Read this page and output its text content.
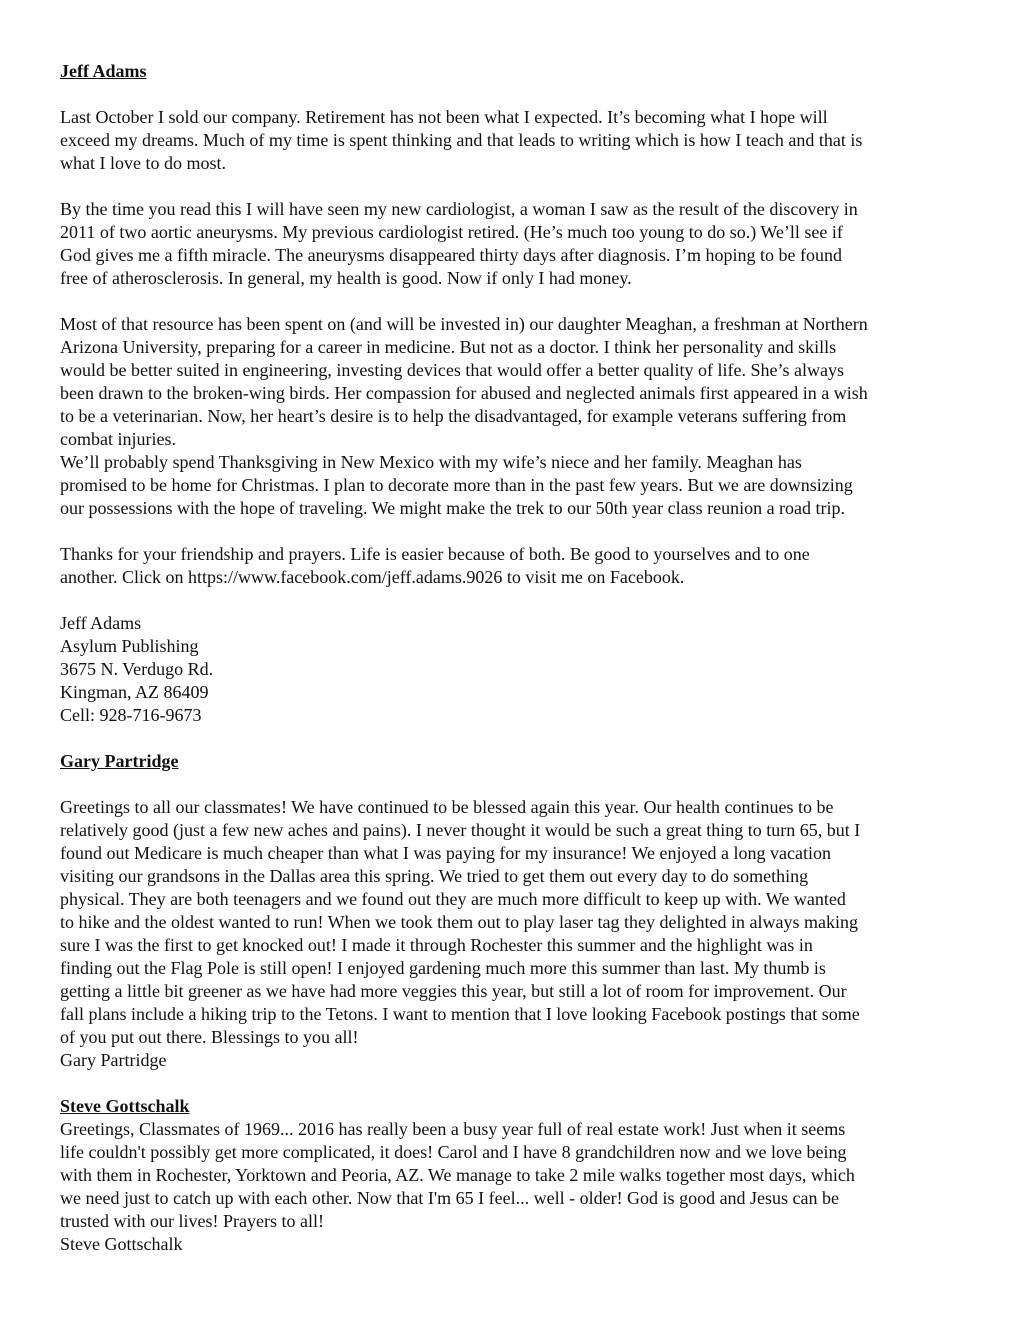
Jeff Adams

Last October I sold our company. Retirement has not been what I expected. It’s becoming what I hope will
exceed my dreams. Much of my time is spent thinking and that leads to writing which is how I teach and that is
what I love to do most.

By the time you read this I will have seen my new cardiologist, a woman I saw as the result of the discovery in
2011 of two aortic aneurysms. My previous cardiologist retired. (He’s much too young to do so.) We’ll see if
God gives me a fifth miracle. The aneurysms disappeared thirty days after diagnosis. I’m hoping to be found
free of atherosclerosis. In general, my health is good. Now if only I had money.

Most of that resource has been spent on (and will be invested in) our daughter Meaghan, a freshman at Northern
Arizona University, preparing for a career in medicine. But not as a doctor. I think her personality and skills
would be better suited in engineering, investing devices that would offer a better quality of life. She’s always
been drawn to the broken-wing birds. Her compassion for abused and neglected animals first appeared in a wish
to be a veterinarian. Now, her heart’s desire is to help the disadvantaged, for example veterans suffering from
combat injuries.

We’ll probably spend Thanksgiving in New Mexico with my wife’s niece and her family. Meaghan has
promised to be home for Christmas. I plan to decorate more than in the past few years. But we are downsizing
our possessions with the hope of traveling. We might make the trek to our 50th year class reunion a road trip.

Thanks for your friendship and prayers. Life is easier because of both. Be good to yourselves and to one
another. Click on https://www.facebook.com/jeff.adams.9026 to visit me on Facebook.

Jeff Adams
Asylum Publishing
3675 N. Verdugo Rd.
Kingman, AZ 86409
Cell: 928-716-9673

Gary Partridge

Greetings to all our classmates! We have continued to be blessed again this year. Our health continues to be
relatively good (just a few new aches and pains). I never thought it would be such a great thing to turn 65, but I
found out Medicare is much cheaper than what I was paying for my insurance! We enjoyed a long vacation
visiting our grandsons in the Dallas area this spring. We tried to get them out every day to do something
physical. They are both teenagers and we found out they are much more difficult to keep up with. We wanted
to hike and the oldest wanted to run! When we took them out to play laser tag they delighted in always making
sure I was the first to get knocked out! I made it through Rochester this summer and the highlight was in
finding out the Flag Pole is still open! I enjoyed gardening much more this summer than last. My thumb is
getting a little bit greener as we have had more veggies this year, but still a lot of room for improvement. Our
fall plans include a hiking trip to the Tetons. I want to mention that I love looking Facebook postings that some
of you put out there. Blessings to you all!
Gary Partridge

Steve Gottschalk

Greetings, Classmates of 1969... 2016 has really been a busy year full of real estate work! Just when it seems
life couldn't possibly get more complicated, it does! Carol and I have 8 grandchildren now and we love being
with them in Rochester, Yorktown and Peoria, AZ. We manage to take 2 mile walks together most days, which
we need just to catch up with each other. Now that I'm 65 I feel... well - older! God is good and Jesus can be
trusted with our lives! Prayers to all!
Steve Gottschalk
